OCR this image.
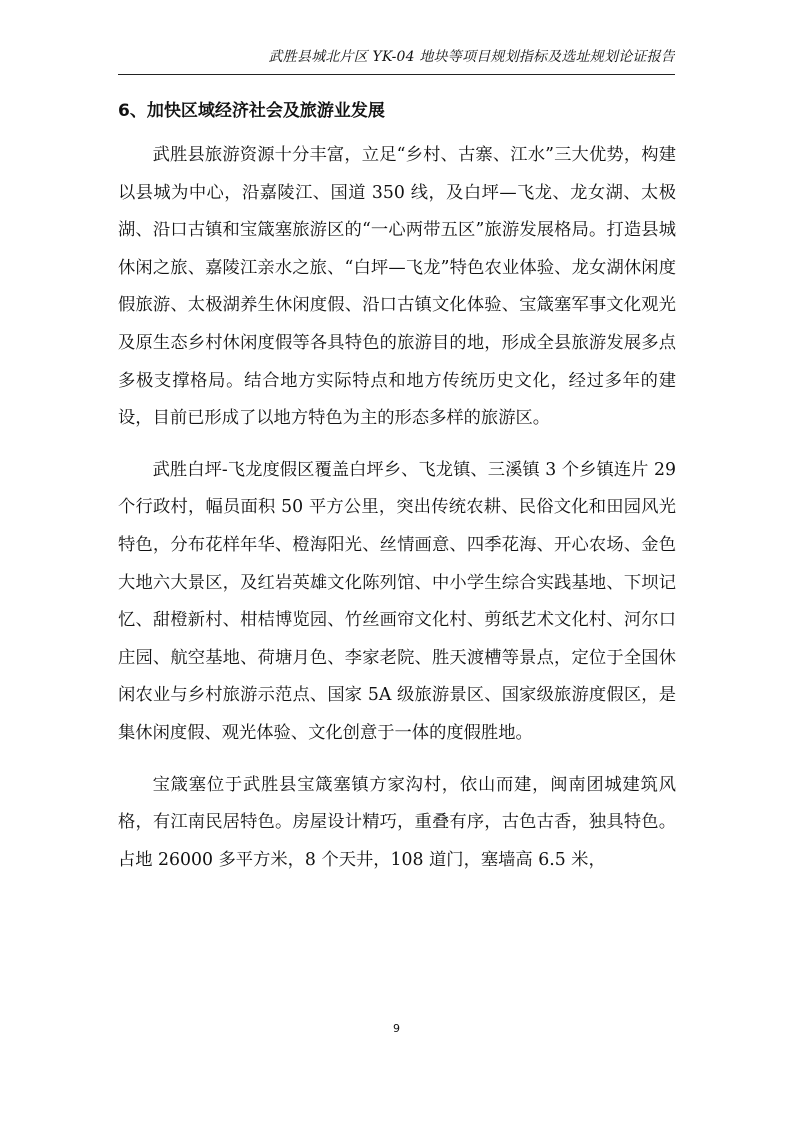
武胜县城北片区 YK-04 地块等项目规划指标及选址规划论证报告
6、加快区域经济社会及旅游业发展

武胜县旅游资源十分丰富，立足“乡村、古寨、江水”三大优势，构建以县城为中心，沿嘉陵江、国道 350 线，及白坪—飞龙、龙女湖、太极湖、沿口古镇和宝箴塞旅游区的“一心两带五区”旅游发展格局。打造县城休闲之旅、嘉陵江亲水之旅、“白坪—飞龙”特色农业体验、龙女湖休闲度假旅游、太极湖养生休闲度假、沿口古镇文化体验、宝箴塞军事文化观光及原生态乡村休闲度假等各具特色的旅游目的地，形成全县旅游发展多点多极支撑格局。结合地方实际特点和地方传统历史文化，经过多年的建设，目前已形成了以地方特色为主的形态多样的旅游区。

武胜白坪-飞龙度假区覆盖白坪乡、飞龙镇、三溪镇 3 个乡镇连片 29 个行政村，幅员面积 50 平方公里，突出传统农耕、民俗文化和田园风光特色，分布花样年华、橙海阳光、丝情画意、四季花海、开心农场、金色大地六大景区，及红岩英雄文化陈列馆、中小学生综合实践基地、下坝记忆、甜橙新村、柑桔博览园、竹丝画帘文化村、剪纸艺术文化村、河尔口庄园、航空基地、荷塘月色、李家老院、胜天渡槽等景点，定位于全国休闲农业与乡村旅游示范点、国家 5A 级旅游景区、国家级旅游度假区，是集休闲度假、观光体验、文化创意于一体的度假胜地。

宝箴塞位于武胜县宝箴塞镇方家沟村，依山而建，闽南团城建筑风格，有江南民居特色。房屋设计精巧，重叠有序，古色古香，独具特色。占地 26000 多平方米，8 个天井，108 道门，塞墙高 6.5 米，

9
